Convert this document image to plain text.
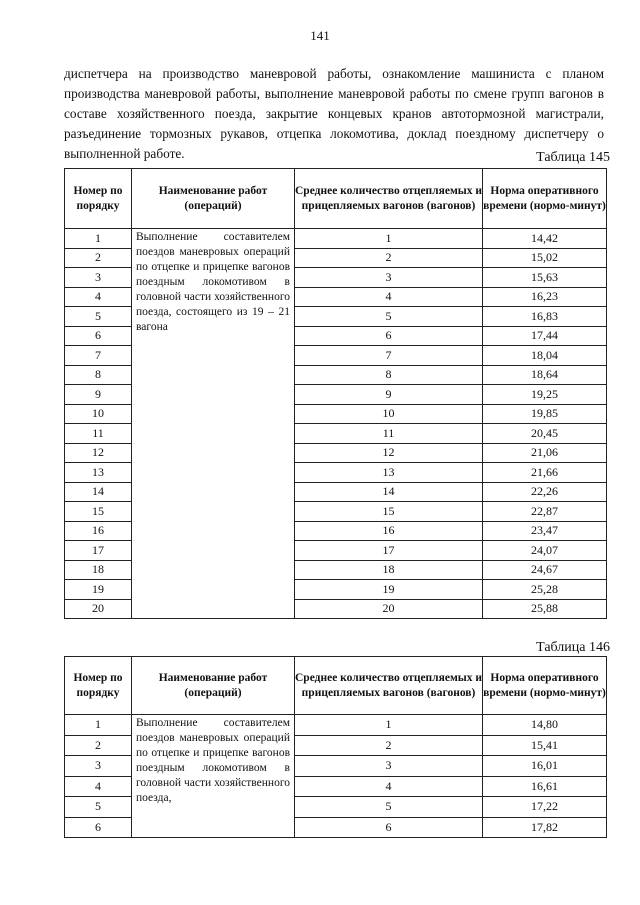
141
диспетчера на производство маневровой работы, ознакомление машиниста с планом производства маневровой работы, выполнение маневровой работы по смене групп вагонов в составе хозяйственного поезда, закрытие концевых кранов автотормозной магистрали, разъединение тормозных рукавов, отцепка локомотива, доклад поездному диспетчеру о выполненной работе.	Таблица 145
Номер по порядку	Наименование работ (операций)	Среднее количество отцепляемых и прицепляемых вагонов (вагонов)	Норма оперативного времени (нормо-минут)
1	Выполнение составителем поездов маневровых операций по отцепке и прицепке вагонов поездным локомотивом в головной части хозяйственного поезда, состоящего из 19 – 21 вагона	1	14,42
2		2	15,02
3		3	15,63
4		4	16,23
5		5	16,83
6		6	17,44
7		7	18,04
8		8	18,64
9		9	19,25
10		10	19,85
11		11	20,45
12		12	21,06
13		13	21,66
14		14	22,26
15		15	22,87
16		16	23,47
17		17	24,07
18		18	24,67
19		19	25,28
20		20	25,88
Таблица 146
Номер по порядку	Наименование работ (операций)	Среднее количество отцепляемых и прицепляемых вагонов (вагонов)	Норма оперативного времени (нормо-минут)
1	Выполнение составителем поездов маневровых операций по отцепке и прицепке вагонов поездным локомотивом в головной части хозяйственного поезда,	1	14,80
2		2	15,41
3		3	16,01
4		4	16,61
5		5	17,22
6		6	17,82
